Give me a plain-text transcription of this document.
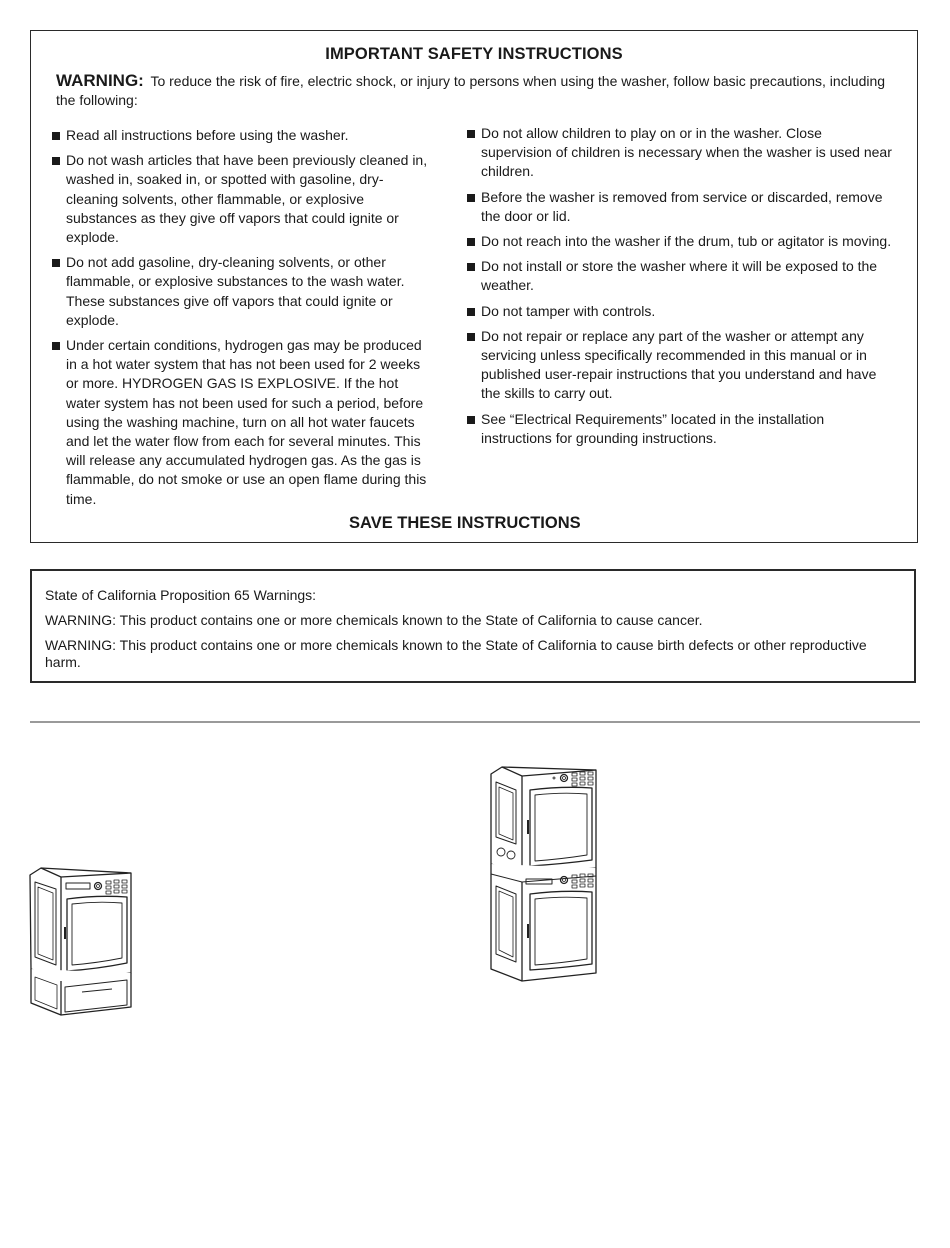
IMPORTANT SAFETY INSTRUCTIONS
WARNING: To reduce the risk of fire, electric shock, or injury to persons when using the washer, follow basic precautions, including the following:
Read all instructions before using the washer.
Do not wash articles that have been previously cleaned in, washed in, soaked in, or spotted with gasoline, dry-cleaning solvents, other flammable, or explosive substances as they give off vapors that could ignite or explode.
Do not add gasoline, dry-cleaning solvents, or other flammable, or explosive substances to the wash water. These substances give off vapors that could ignite or explode.
Under certain conditions, hydrogen gas may be produced in a hot water system that has not been used for 2 weeks or more. HYDROGEN GAS IS EXPLOSIVE. If the hot water system has not been used for such a period, before using the washing machine, turn on all hot water faucets and let the water flow from each for several minutes. This will release any accumulated hydrogen gas. As the gas is flammable, do not smoke or use an open flame during this time.
Do not allow children to play on or in the washer. Close supervision of children is necessary when the washer is used near children.
Before the washer is removed from service or discarded, remove the door or lid.
Do not reach into the washer if the drum, tub or agitator is moving.
Do not install or store the washer where it will be exposed to the weather.
Do not tamper with controls.
Do not repair or replace any part of the washer or attempt any servicing unless specifically recommended in this manual or in published user-repair instructions that you understand and have the skills to carry out.
See “Electrical Requirements” located in the installation instructions for grounding instructions.
SAVE THESE INSTRUCTIONS

State of California Proposition 65 Warnings:

WARNING: This product contains one or more chemicals known to the State of California to cause cancer.

WARNING: This product contains one or more chemicals known to the State of California to cause birth defects or other reproductive harm.
